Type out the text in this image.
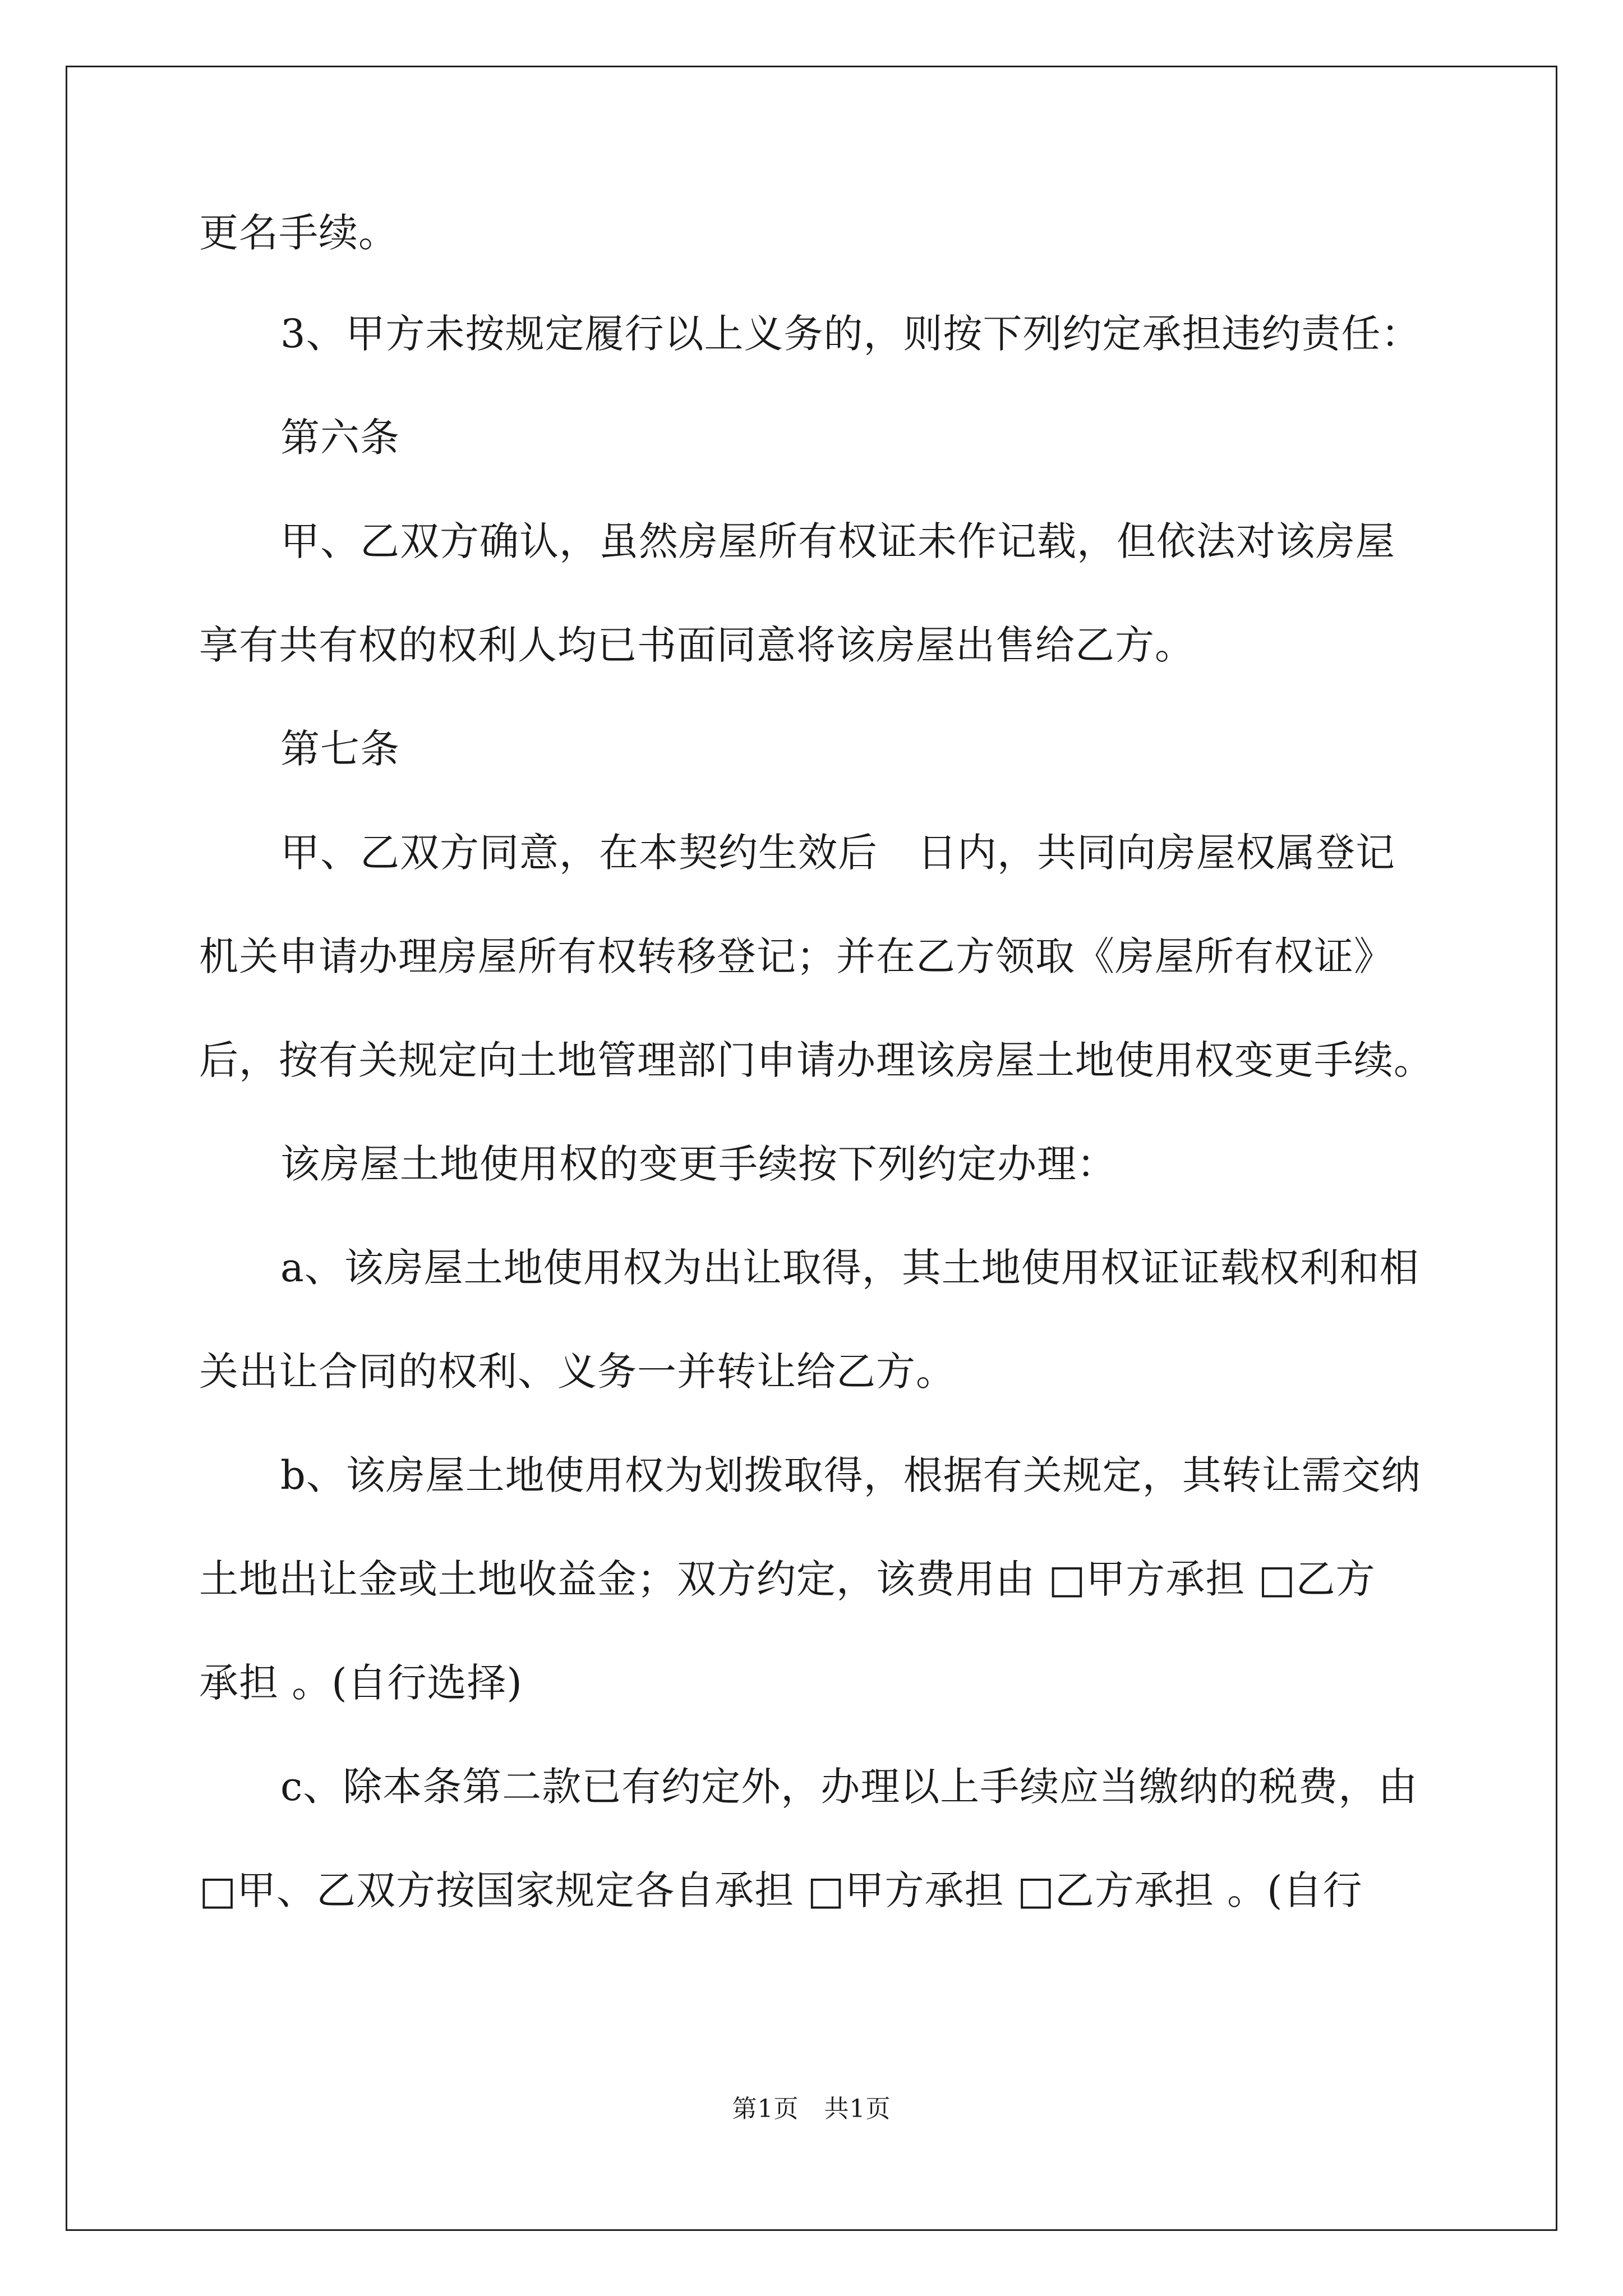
更名手续。
3、甲方未按规定履行以上义务的，则按下列约定承担违约责任：
第六条
甲、乙双方确认，虽然房屋所有权证未作记载，但依法对该房屋
享有共有权的权利人均已书面同意将该房屋出售给乙方。
第七条
甲、乙双方同意，在本契约生效后　日内，共同向房屋权属登记
机关申请办理房屋所有权转移登记；并在乙方领取《房屋所有权证》
后，按有关规定向土地管理部门申请办理该房屋土地使用权变更手续。
该房屋土地使用权的变更手续按下列约定办理：
a、该房屋土地使用权为出让取得，其土地使用权证证载权利和相
关出让合同的权利、义务一并转让给乙方。
b、该房屋土地使用权为划拨取得，根据有关规定，其转让需交纳
土地出让金或土地收益金；双方约定，该费用由 □甲方承担 □乙方
承担 。(自行选择)
c、除本条第二款已有约定外，办理以上手续应当缴纳的税费，由
□甲、乙双方按国家规定各自承担 □甲方承担 □乙方承担 。(自行
第1页　共1页
